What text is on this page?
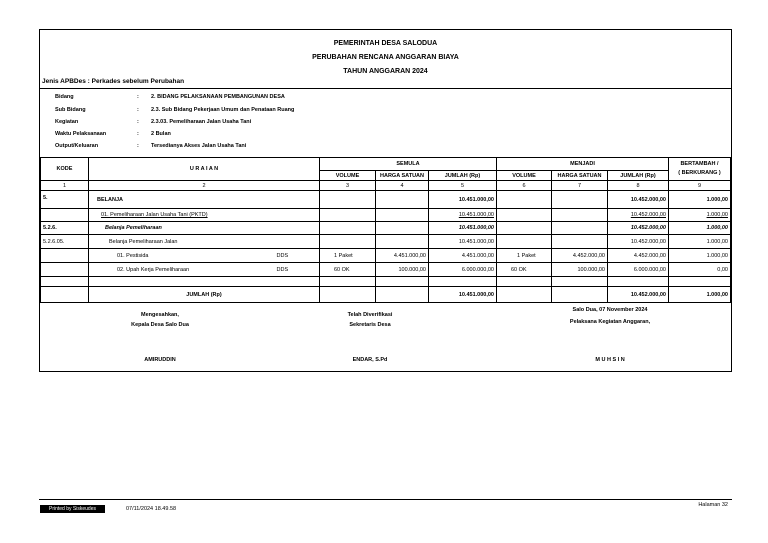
PEMERINTAH DESA SALODUA
PERUBAHAN RENCANA ANGGARAN BIAYA
TAHUN ANGGARAN 2024
Jenis APBDes : Perkades sebelum Perubahan
Bidang	: 2. BIDANG PELAKSANAAN PEMBANGUNAN DESA
Sub Bidang	: 2.3. Sub Bidang Pekerjaan Umum dan Penataan Ruang
Kegiatan	: 2.3.03. Pemeliharaan Jalan Usaha Tani
Waktu Pelaksanaan	: 2 Bulan
Output/Keluaran	: Tersedianya Akses Jalan Usaha Tani
KODE	U R A I A N		SEMULA			MENJADI			BERTAMBAH /
( BERKURANG )
			VOLUME	HARGA SATUAN	JUMLAH (Rp)	VOLUME	HARGA SATUAN	JUMLAH (Rp)	
1	2		3	4	5	6	7	8	9
5.	BELANJA				10.451.000,00			10.452.000,00	1.000,00
	01. Pemeliharaan Jalan Usaha Tani (PKTD)				10.451.000,00			10.452.000,00	1.000,00
5.2.6.	Belanja Pemeliharaan				10.451.000,00			10.452.000,00	1.000,00
5.2.6.05.	Belanja Pemeliharaan Jalan				10.451.000,00			10.452.000,00	1.000,00
	01. Pestisida	DDS	1 Paket	4.451.000,00	4.451.000,00	1 Paket	4.452.000,00	4.452.000,00	1.000,00
	02. Upah Kerja Pemeliharaan	DDS	60 OK	100.000,00	6.000.000,00	60 OK	100.000,00	6.000.000,00	0,00

	JUMLAH (Rp)				10.451.000,00			10.452.000,00	1.000,00
Mengesahkan,
Kepala Desa Salo Dua
AMIRUDDIN
Telah Diverifikasi
Sekretaris Desa
ENDAR, S.Pd
Salo Dua, 07 November 2024
Pelaksana Kegiatan Anggaran,
M U H S I N
Printed by Siskeudes	07/11/2024 18.49.58
Halaman 32
